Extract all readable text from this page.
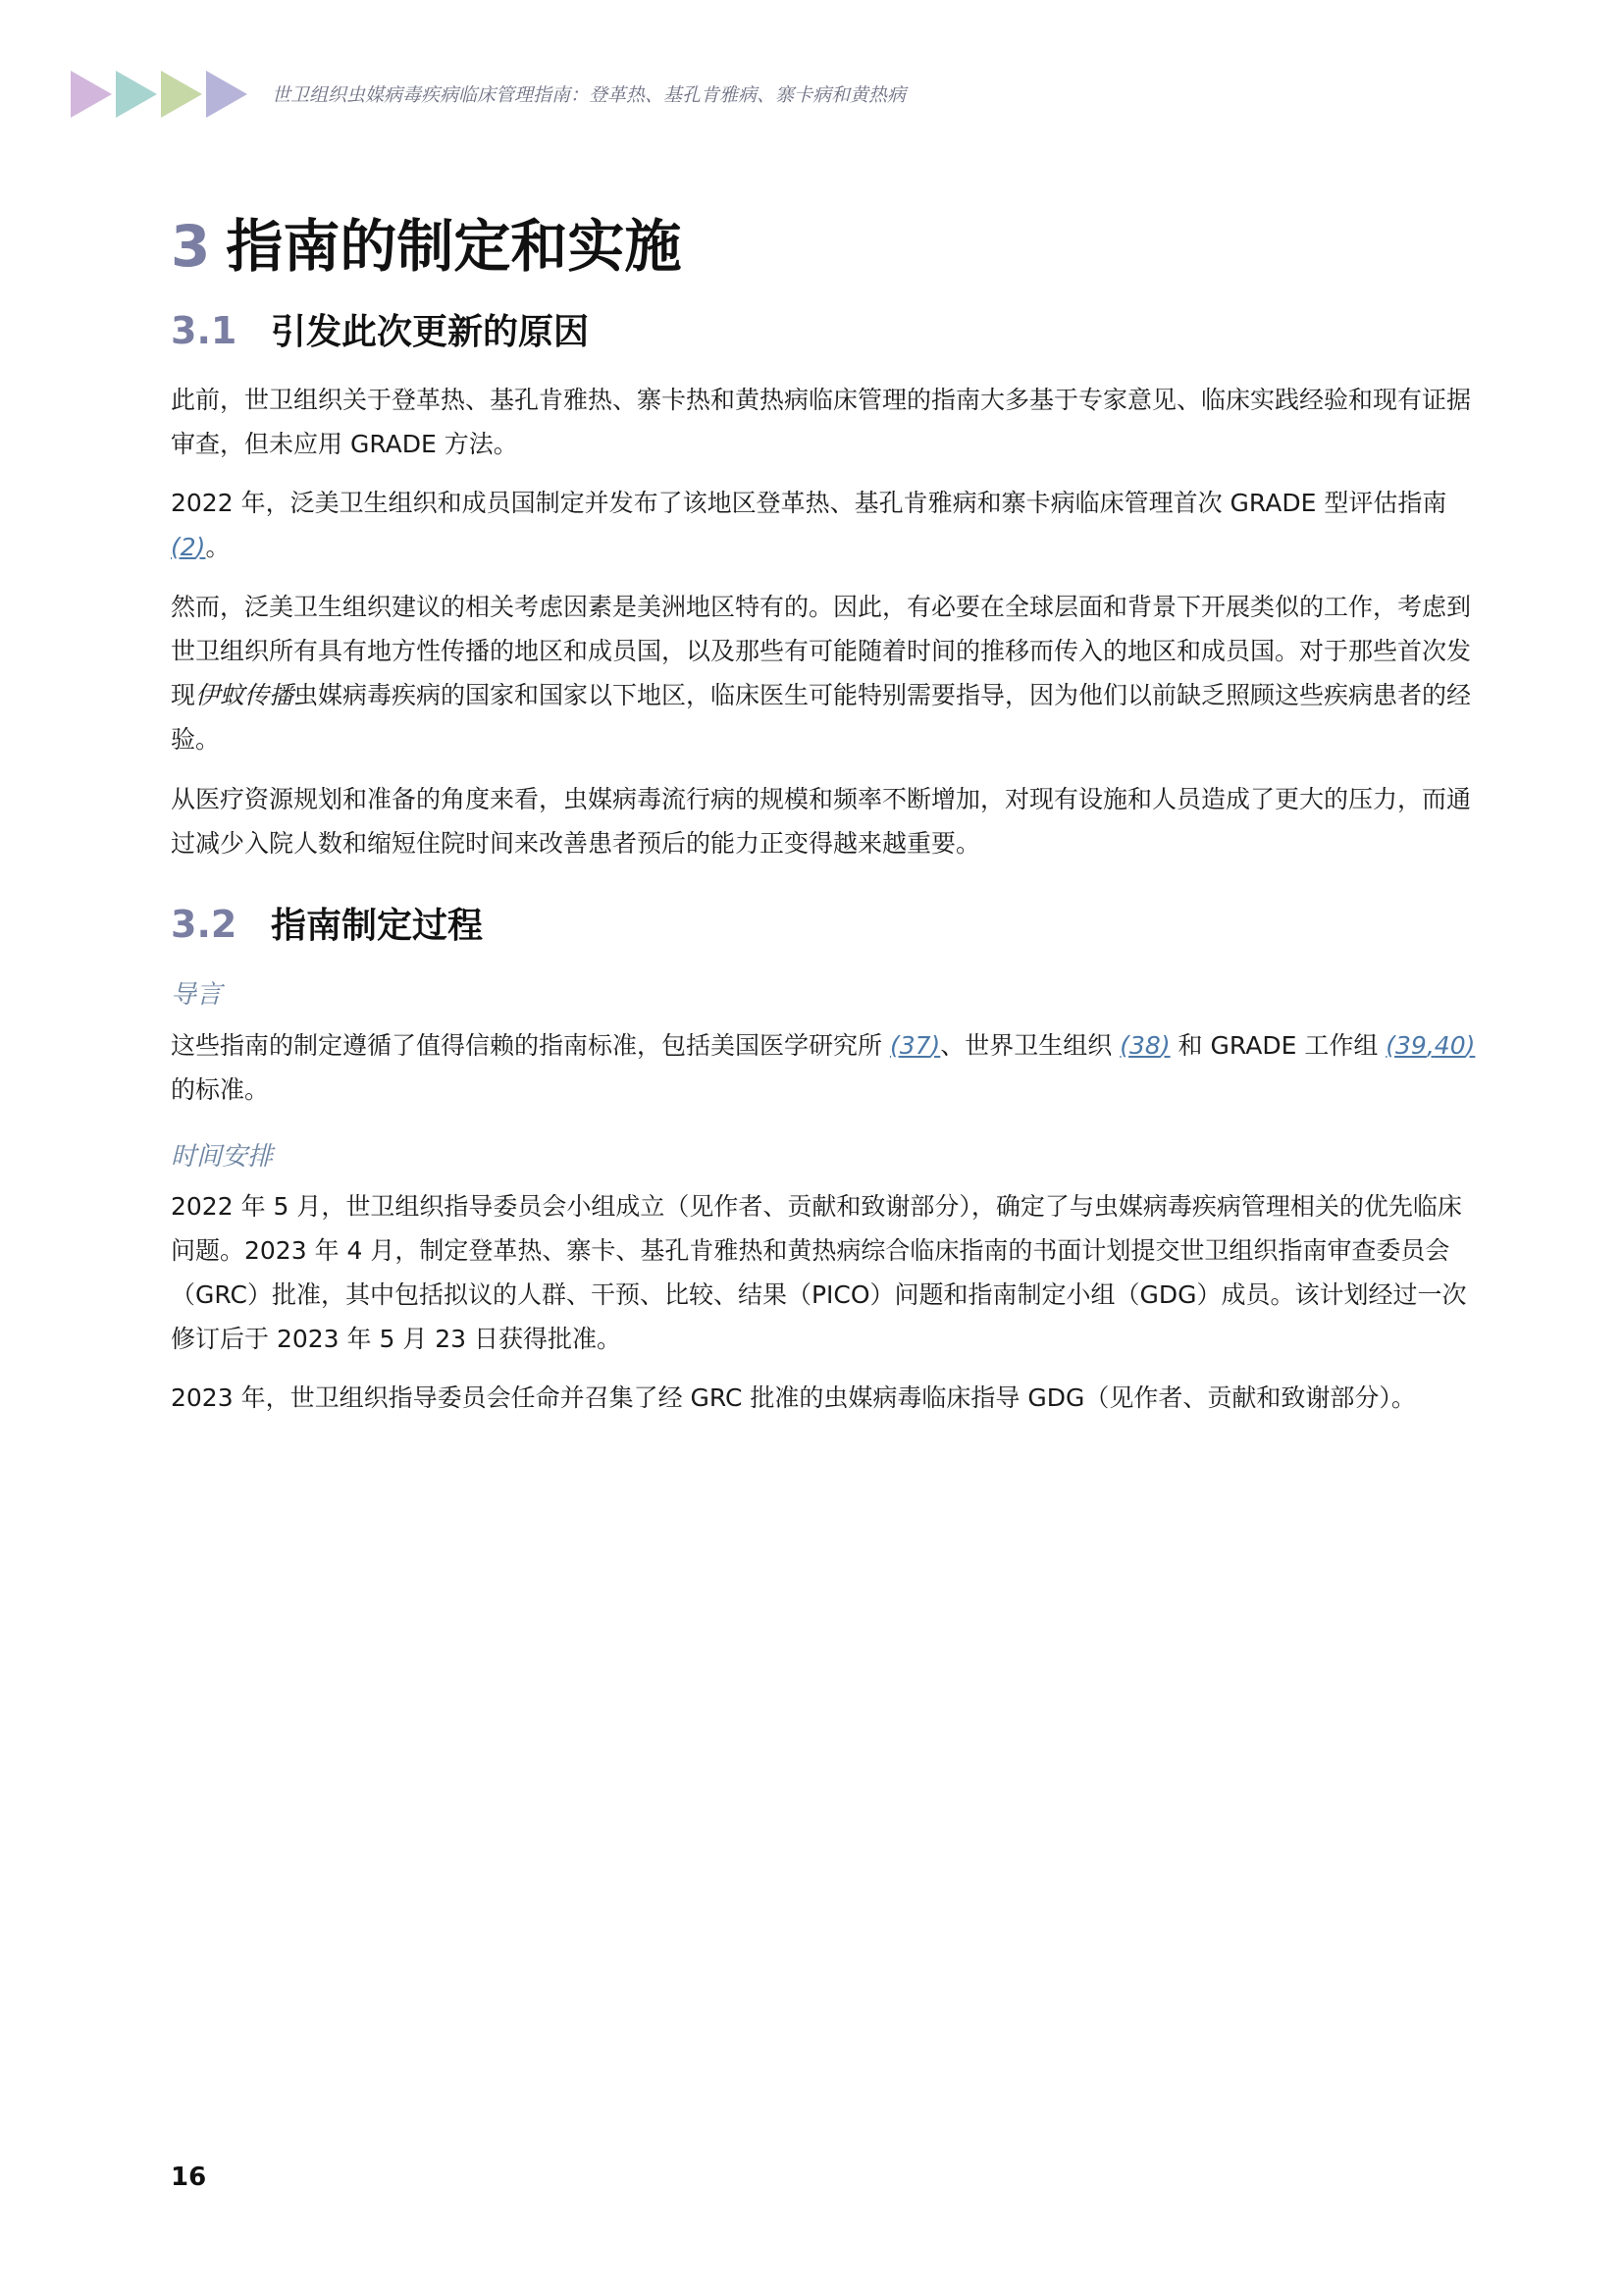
世卫组织虫媒病毒疾病临床管理指南：登革热、基孔肯雅病、寨卡病和黄热病
3 指南的制定和实施
3.1 引发此次更新的原因
此前，世卫组织关于登革热、基孔肯雅热、寨卡热和黄热病临床管理的指南大多基于专家意见、临床实践经验和现有证据审查，但未应用 GRADE 方法。
2022 年，泛美卫生组织和成员国制定并发布了该地区登革热、基孔肯雅病和寨卡病临床管理首次 GRADE 型评估指南 (2)。
然而，泛美卫生组织建议的相关考虑因素是美洲地区特有的。因此，有必要在全球层面和背景下开展类似的工作，考虑到世卫组织所有具有地方性传播的地区和成员国，以及那些有可能随着时间的推移而传入的地区和成员国。对于那些首次发现伊蚊传播虫媒病毒疾病的国家和国家以下地区，临床医生可能特别需要指导，因为他们以前缺乏照顾这些疾病患者的经验。
从医疗资源规划和准备的角度来看，虫媒病毒流行病的规模和频率不断增加，对现有设施和人员造成了更大的压力，而通过减少入院人数和缩短住院时间来改善患者预后的能力正变得越来越重要。
3.2 指南制定过程
导言
这些指南的制定遵循了值得信赖的指南标准，包括美国医学研究所 (37)、世界卫生组织 (38) 和 GRADE 工作组 (39,40) 的标准。
时间安排
2022 年 5 月，世卫组织指导委员会小组成立（见作者、贡献和致谢部分），确定了与虫媒病毒疾病管理相关的优先临床问题。2023 年 4 月，制定登革热、寨卡、基孔肯雅热和黄热病综合临床指南的书面计划提交世卫组织指南审查委员会（GRC）批准，其中包括拟议的人群、干预、比较、结果（PICO）问题和指南制定小组（GDG）成员。该计划经过一次修订后于 2023 年 5 月 23 日获得批准。
2023 年，世卫组织指导委员会任命并召集了经 GRC 批准的虫媒病毒临床指导 GDG（见作者、贡献和致谢部分）。
16
